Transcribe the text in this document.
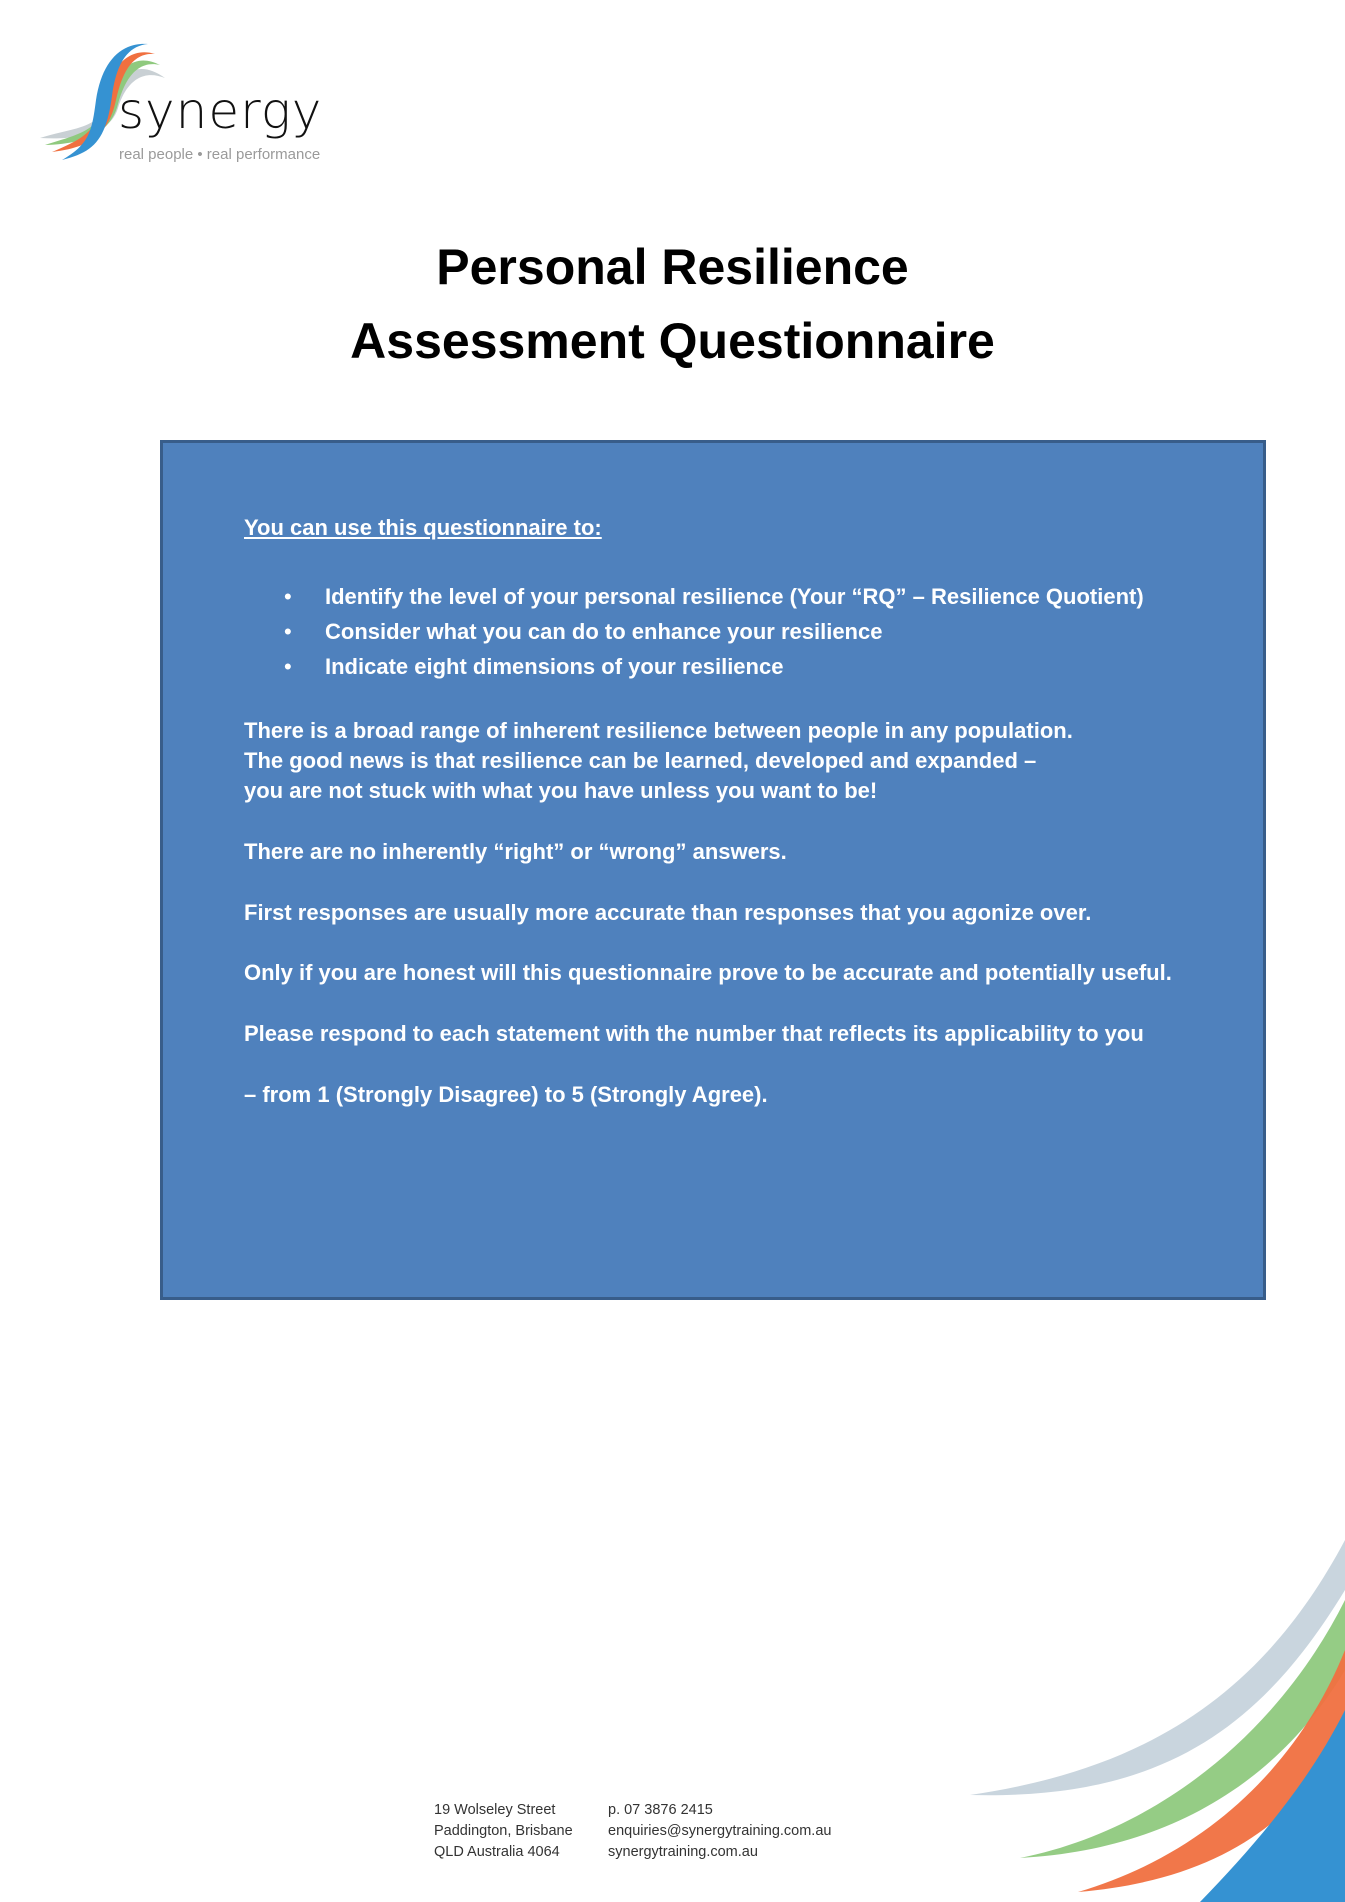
synergy
real people • real performance
Personal Resilience
Assessment Questionnaire
You can use this questionnaire to:
• Identify the level of your personal resilience (Your “RQ” – Resilience Quotient)
• Consider what you can do to enhance your resilience
• Indicate eight dimensions of your resilience
There is a broad range of inherent resilience between people in any population.
The good news is that resilience can be learned, developed and expanded –
you are not stuck with what you have unless you want to be!
There are no inherently “right” or “wrong” answers.
First responses are usually more accurate than responses that you agonize over.
Only if you are honest will this questionnaire prove to be accurate and potentially useful.
Please respond to each statement with the number that reflects its applicability to you
– from 1 (Strongly Disagree) to 5 (Strongly Agree).
19 Wolseley Street
Paddington, Brisbane
QLD Australia 4064
p. 07 3876 2415
enquiries@synergytraining.com.au
synergytraining.com.au
